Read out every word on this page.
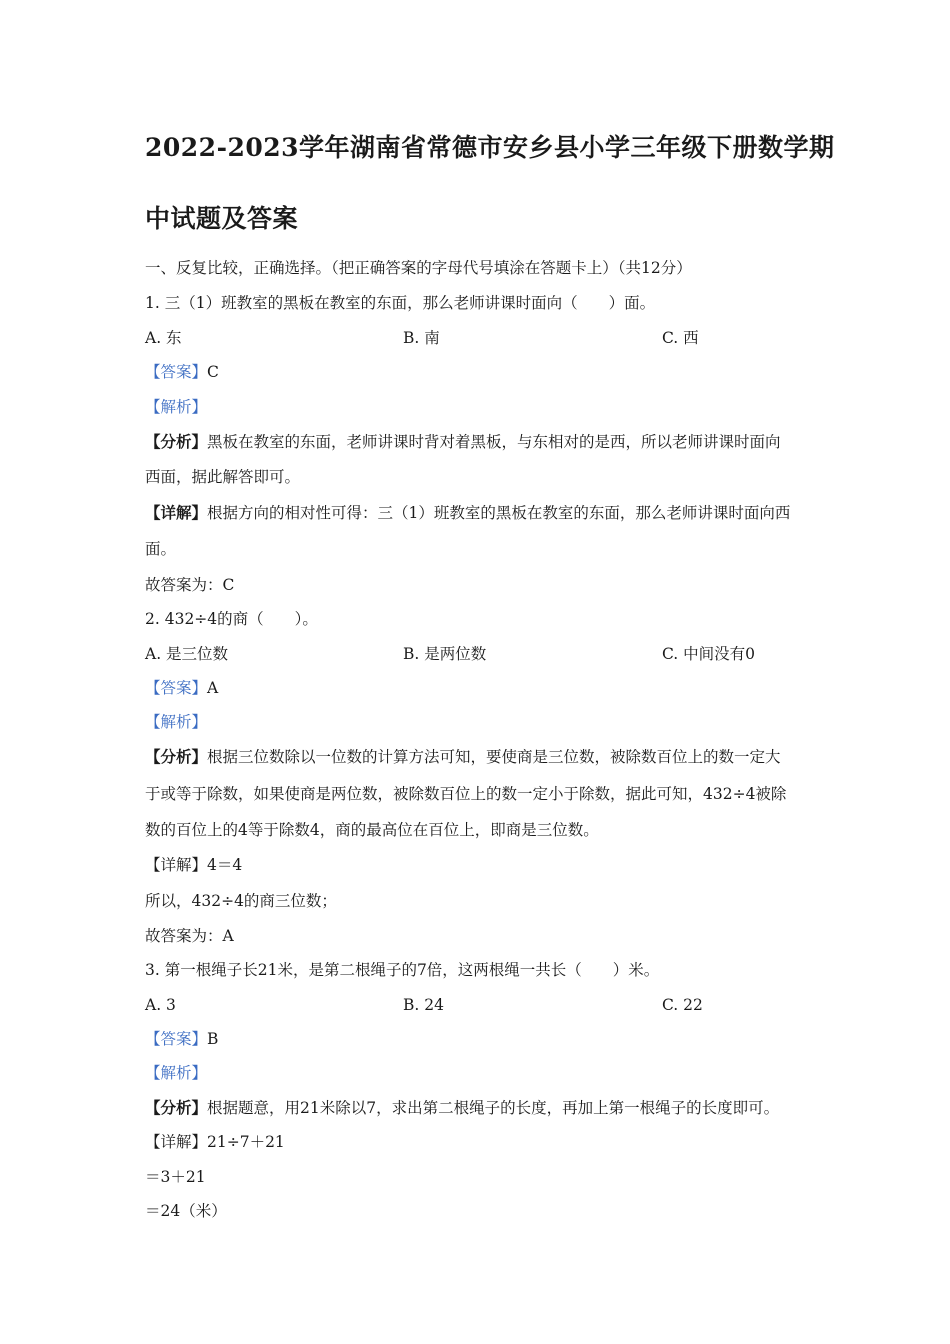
2022-2023学年湖南省常德市安乡县小学三年级下册数学期
中试题及答案
一、反复比较，正确选择。（把正确答案的字母代号填涂在答题卡上）（共12分）
1. 三（1）班教室的黑板在教室的东面，那么老师讲课时面向（　　）面。
A. 东	B. 南	C. 西
【答案】C
【解析】
【分析】黑板在教室的东面，老师讲课时背对着黑板，与东相对的是西，所以老师讲课时面向
西面，据此解答即可。
【详解】根据方向的相对性可得：三（1）班教室的黑板在教室的东面，那么老师讲课时面向西
面。
故答案为：C
2. 432÷4的商（　　）。
A. 是三位数	B. 是两位数	C. 中间没有0
【答案】A
【解析】
【分析】根据三位数除以一位数的计算方法可知，要使商是三位数，被除数百位上的数一定大
于或等于除数，如果使商是两位数，被除数百位上的数一定小于除数，据此可知，432÷4被除
数的百位上的4等于除数4，商的最高位在百位上，即商是三位数。
【详解】4＝4
所以，432÷4的商三位数；
故答案为：A
3. 第一根绳子长21米，是第二根绳子的7倍，这两根绳一共长（　　）米。
A. 3	B. 24	C. 22
【答案】B
【解析】
【分析】根据题意，用21米除以7，求出第二根绳子的长度，再加上第一根绳子的长度即可。
【详解】21÷7＋21
＝3＋21
＝24（米）
